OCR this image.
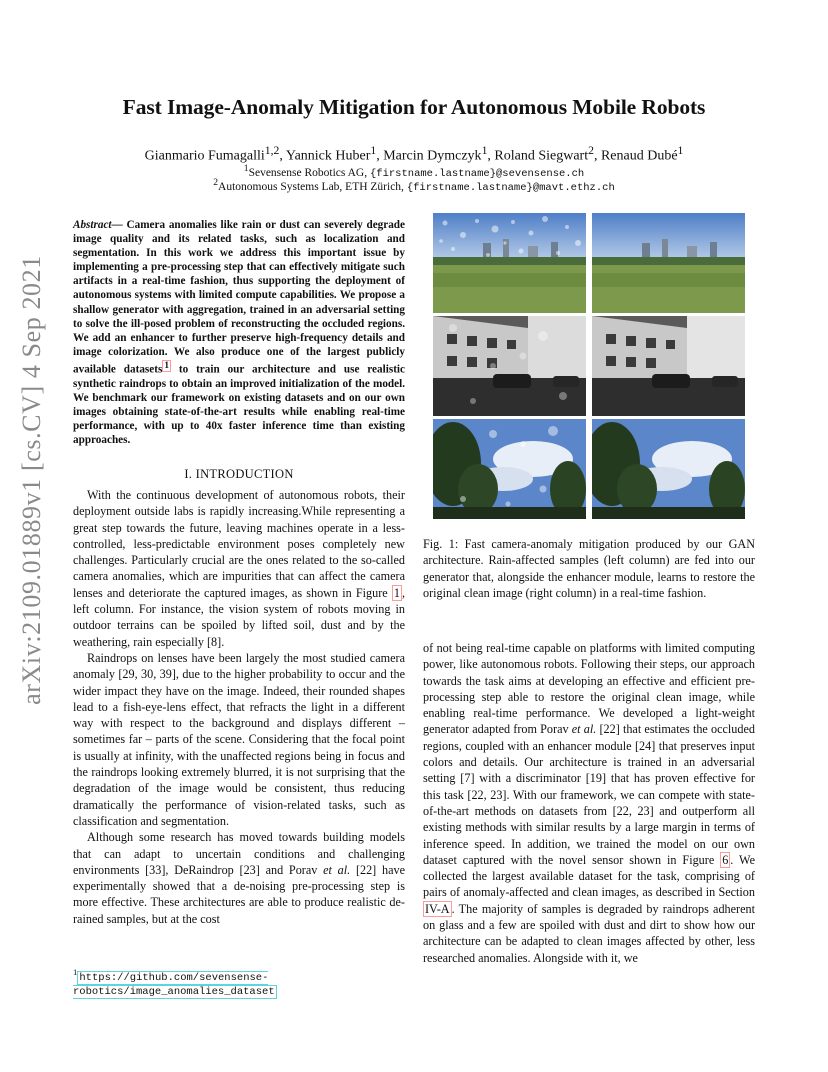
Fast Image-Anomaly Mitigation for Autonomous Mobile Robots
Gianmario Fumagalli$^{1,2}$, Yannick Huber$^1$, Marcin Dymczyk$^1$, Roland Siegwart$^2$, Renaud Dubé$^1$
$^1$Sevensense Robotics AG, {firstname.lastname}@sevensense.ch
$^2$Autonomous Systems Lab, ETH Zürich, {firstname.lastname}@mavt.ethz.ch
arXiv:2109.01889v1 [cs.CV] 4 Sep 2021
Abstract— Camera anomalies like rain or dust can severely degrade image quality and its related tasks, such as localization and segmentation. In this work we address this important issue by implementing a pre-processing step that can effectively mitigate such artifacts in a real-time fashion, thus supporting the deployment of autonomous systems with limited compute capabilities. We propose a shallow generator with aggregation, trained in an adversarial setting to solve the ill-posed problem of reconstructing the occluded regions. We add an enhancer to further preserve high-frequency details and image colorization. We also produce one of the largest publicly available datasets $^1$ to train our architecture and use realistic synthetic raindrops to obtain an improved initialization of the model. We benchmark our framework on existing datasets and on our own images obtaining state-of-the-art results while enabling real-time performance, with up to 40x faster inference time than existing approaches.
I. INTRODUCTION

With the continuous development of autonomous robots, their deployment outside labs is rapidly increasing.While representing a great step towards the future, leaving machines operate in a less-controlled, less-predictable environment poses completely new challenges. Particularly crucial are the ones related to the so-called camera anomalies, which are impurities that can affect the camera lenses and deteriorate the captured images, as shown in Figure 1 , left column. For instance, the vision system of robots moving in outdoor terrains can be spoiled by lifted soil, dust and by the weathering, rain especially [8].

Raindrops on lenses have been largely the most studied camera anomaly [29, 30, 39], due to the higher probability to occur and the wider impact they have on the image. Indeed, their rounded shapes lead to a fish-eye-lens effect, that refracts the light in a different way with respect to the background and displays different – sometimes far – parts of the scene. Considering that the focal point is usually at infinity, with the unaffected regions being in focus and the raindrops looking extremely blurred, it is not surprising that the degradation of the image would be consistent, thus reducing dramatically the performance of vision-related tasks, such as classification and segmentation.

Although some research has moved towards building models that can adapt to uncertain conditions and challenging environments [33], DeRaindrop [23] and Porav et al. [22] have experimentally showed that a de-noising pre-processing step is more effective. These architectures are able to produce realistic de-rained samples, but at the cost

$^1$ https://github.com/sevensense-robotics/image_anomalies_dataset
Fig. 1: Fast camera-anomaly mitigation produced by our GAN architecture. Rain-affected samples (left column) are fed into our generator that, alongside the enhancer module, learns to restore the original clean image (right column) in a real-time fashion.
of not being real-time capable on platforms with limited computing power, like autonomous robots. Following their steps, our approach towards the task aims at developing an effective and efficient pre-processing step able to restore the original clean image, while enabling real-time performance. We developed a light-weight generator adapted from Porav et al. [22] that estimates the occluded regions, coupled with an enhancer module [24] that preserves input colors and details. Our architecture is trained in an adversarial setting [7] with a discriminator [19] that has proven effective for this task [22, 23]. With our framework, we can compete with state-of-the-art methods on datasets from [22, 23] and outperform all existing methods with similar results by a large margin in terms of inference speed. In addition, we trained the model on our own dataset captured with the novel sensor shown in Figure 6 . We collected the largest available dataset for the task, comprising of pairs of anomaly-affected and clean images, as described in Section IV-A . The majority of samples is degraded by raindrops adherent on glass and a few are spoiled with dust and dirt to show how our architecture can be adapted to clean images affected by other, less researched anomalies. Alongside with it, we
